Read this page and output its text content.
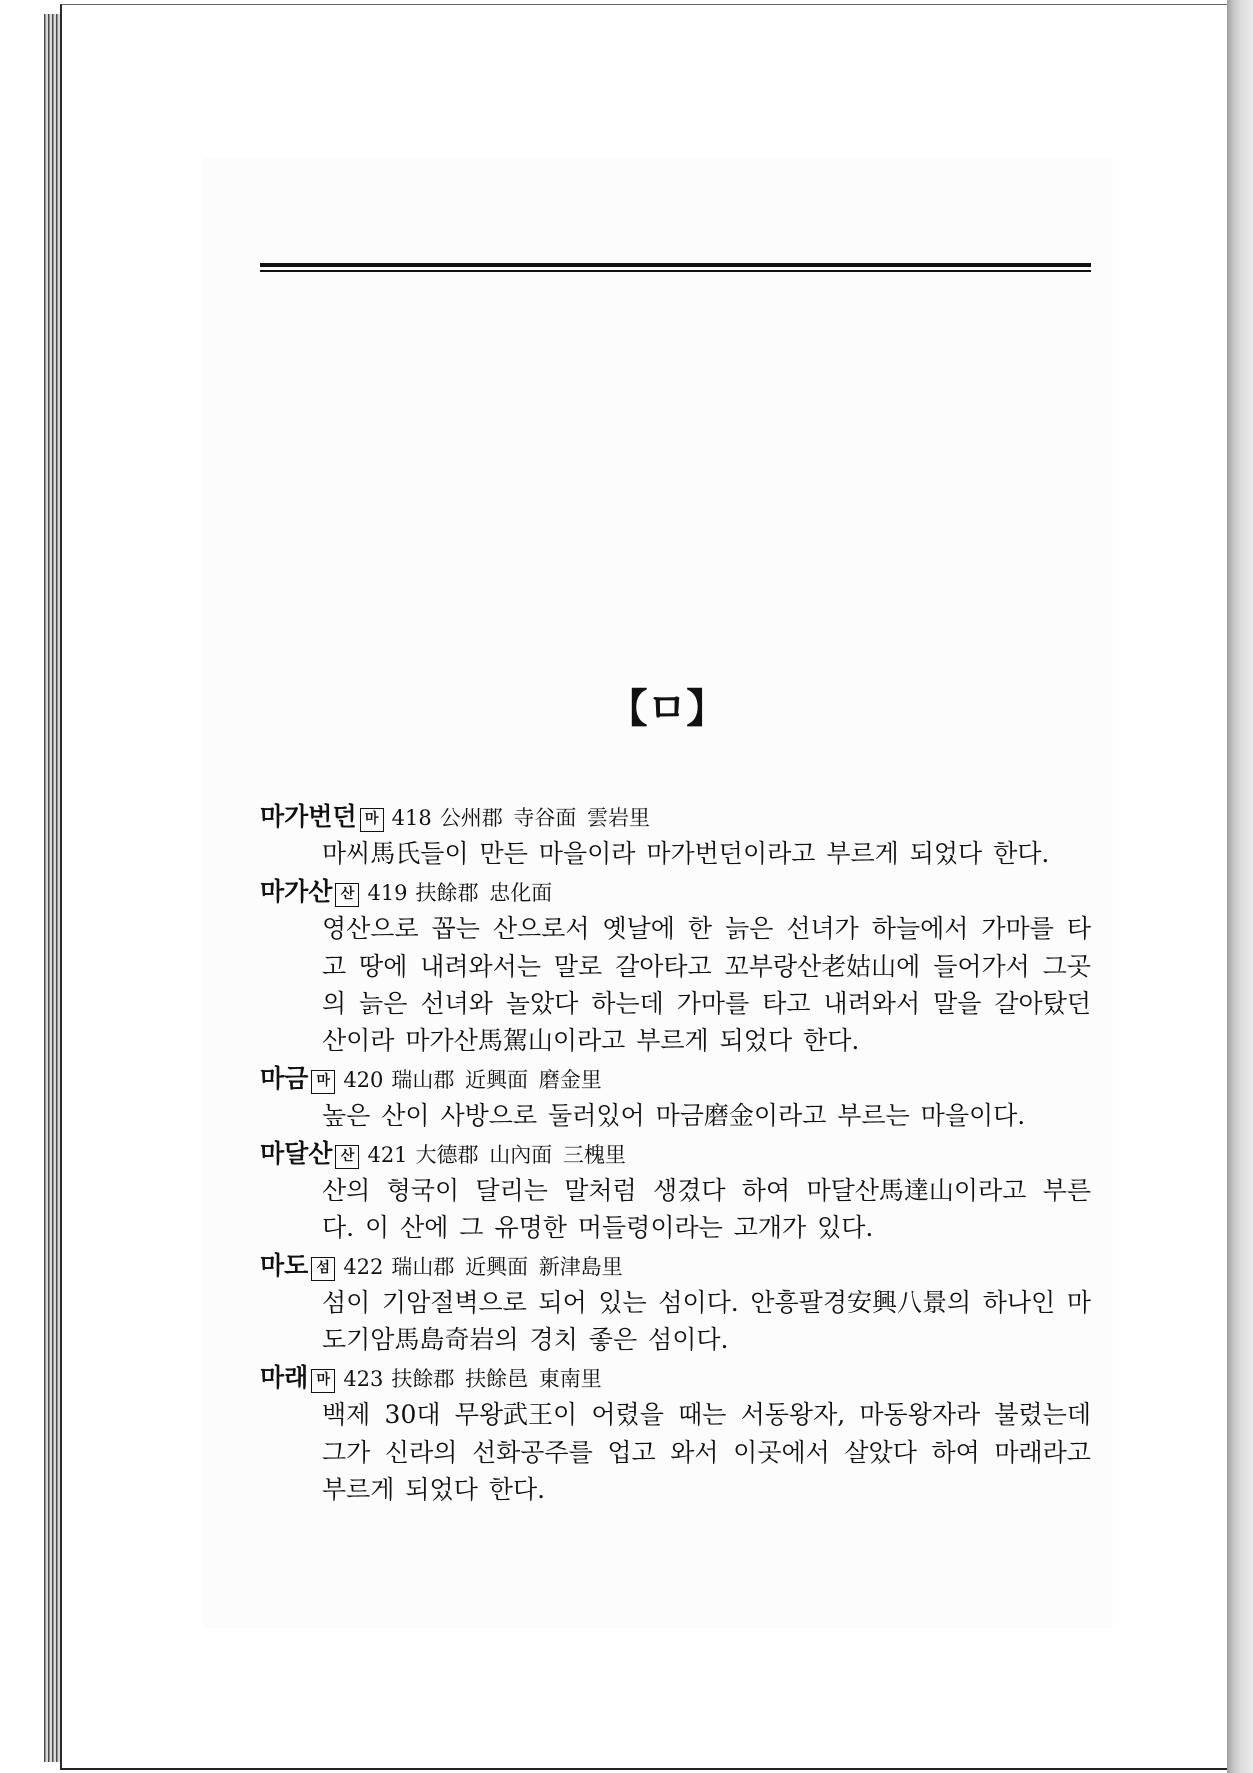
【ㅁ】
마가번던 마 418 公州郡 寺谷面 雲岩里
마씨馬氏들이 만든 마을이라 마가번던이라고 부르게 되었다 한다.
마가산 산 419 扶餘郡 忠化面
영산으로 꼽는 산으로서 옛날에 한 늙은 선녀가 하늘에서 가마를 타
고 땅에 내려와서는 말로 갈아타고 꼬부랑산老姑山에 들어가서 그곳
의 늙은 선녀와 놀았다 하는데 가마를 타고 내려와서 말을 갈아탔던
산이라 마가산馬駕山이라고 부르게 되었다 한다.
마금 마 420 瑞山郡 近興面 磨金里
높은 산이 사방으로 둘러있어 마금磨金이라고 부르는 마을이다.
마달산 산 421 大德郡 山內面 三槐里
산의 형국이 달리는 말처럼 생겼다 하여 마달산馬達山이라고 부른
다. 이 산에 그 유명한 머들령이라는 고개가 있다.
마도 섬 422 瑞山郡 近興面 新津島里
섬이 기암절벽으로 되어 있는 섬이다. 안흥팔경安興八景의 하나인 마
도기암馬島奇岩의 경치 좋은 섬이다.
마래 마 423 扶餘郡 扶餘邑 東南里
백제 30대 무왕武王이 어렸을 때는 서동왕자, 마동왕자라 불렸는데
그가 신라의 선화공주를 업고 와서 이곳에서 살았다 하여 마래라고
부르게 되었다 한다.
